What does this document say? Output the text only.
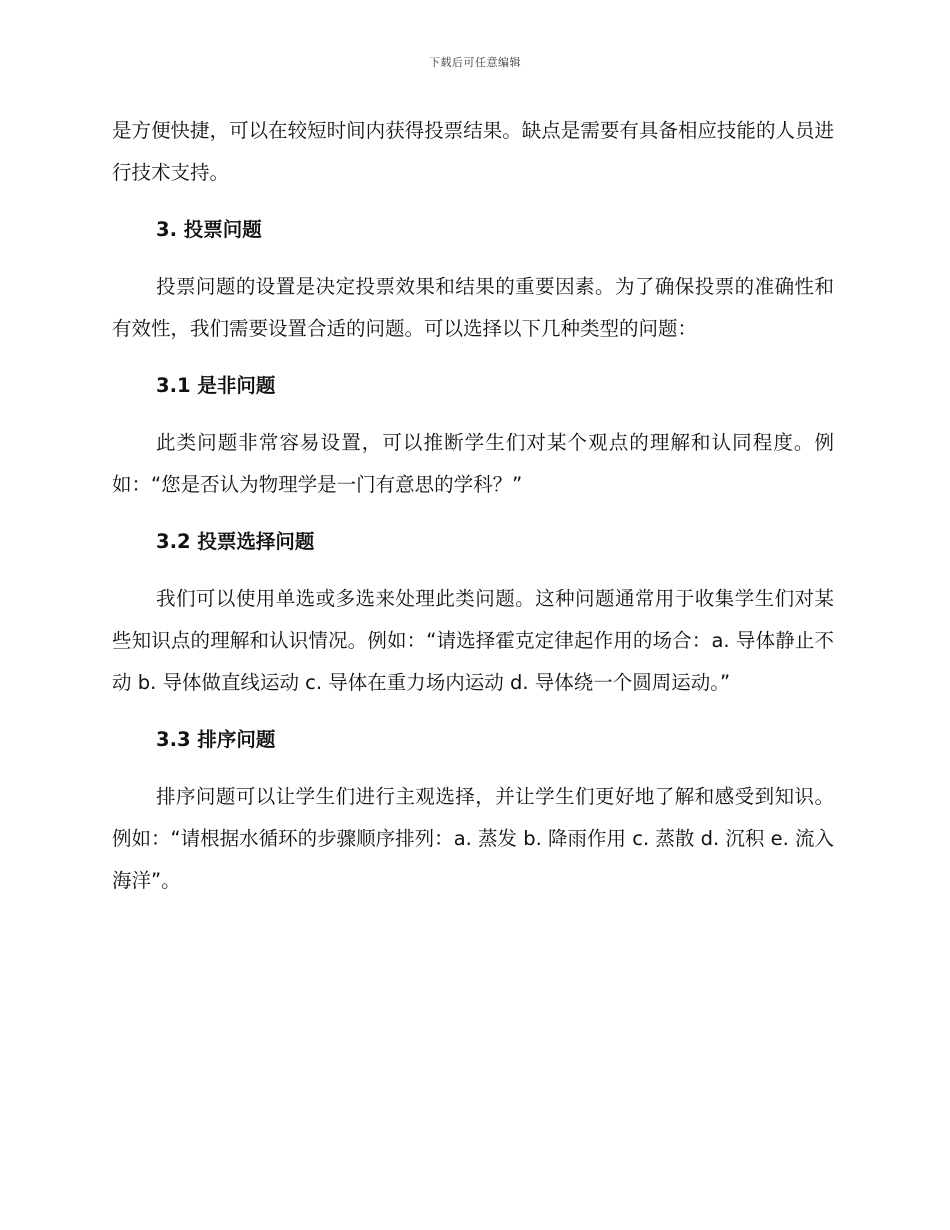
下载后可任意编辑

是方便快捷，可以在较短时间内获得投票结果。缺点是需要有具备相应技能的人员进行技术支持。

3. 投票问题

投票问题的设置是决定投票效果和结果的重要因素。为了确保投票的准确性和有效性，我们需要设置合适的问题。可以选择以下几种类型的问题：

3.1 是非问题

此类问题非常容易设置，可以推断学生们对某个观点的理解和认同程度。例如：“您是否认为物理学是一门有意思的学科？”

3.2 投票选择问题

我们可以使用单选或多选来处理此类问题。这种问题通常用于收集学生们对某些知识点的理解和认识情况。例如：“请选择霍克定律起作用的场合：a. 导体静止不动 b. 导体做直线运动 c. 导体在重力场内运动 d. 导体绕一个圆周运动。”

3.3 排序问题

排序问题可以让学生们进行主观选择，并让学生们更好地了解和感受到知识。例如：“请根据水循环的步骤顺序排列：a. 蒸发 b. 降雨作用 c. 蒸散 d. 沉积 e. 流入海洋”。
